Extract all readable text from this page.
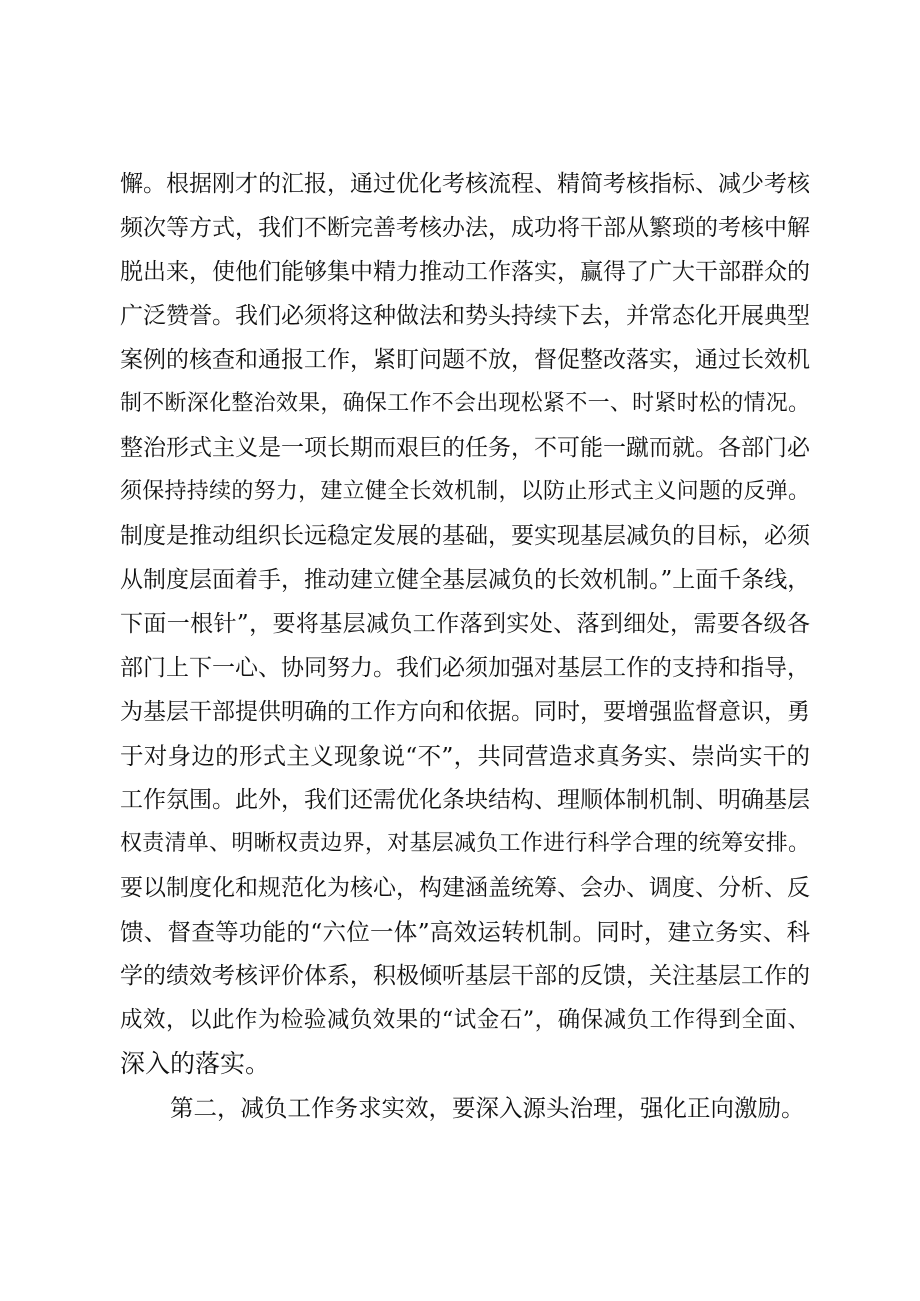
懈。根据刚才的汇报，通过优化考核流程、精简考核指标、减少考核
频次等方式，我们不断完善考核办法，成功将干部从繁琐的考核中解
脱出来，使他们能够集中精力推动工作落实，赢得了广大干部群众的
广泛赞誉。我们必须将这种做法和势头持续下去，并常态化开展典型
案例的核查和通报工作，紧盯问题不放，督促整改落实，通过长效机
制不断深化整治效果，确保工作不会出现松紧不一、时紧时松的情况。
整治形式主义是一项长期而艰巨的任务，不可能一蹴而就。各部门必
须保持持续的努力，建立健全长效机制，以防止形式主义问题的反弹。
制度是推动组织长远稳定发展的基础，要实现基层减负的目标，必须
从制度层面着手，推动建立健全基层减负的长效机制。”上面千条线，
下面一根针”，要将基层减负工作落到实处、落到细处，需要各级各
部门上下一心、协同努力。我们必须加强对基层工作的支持和指导，
为基层干部提供明确的工作方向和依据。同时，要增强监督意识，勇
于对身边的形式主义现象说“不”，共同营造求真务实、崇尚实干的
工作氛围。此外，我们还需优化条块结构、理顺体制机制、明确基层
权责清单、明晰权责边界，对基层减负工作进行科学合理的统筹安排。
要以制度化和规范化为核心，构建涵盖统筹、会办、调度、分析、反
馈、督查等功能的“六位一体”高效运转机制。同时，建立务实、科
学的绩效考核评价体系，积极倾听基层干部的反馈，关注基层工作的
成效，以此作为检验减负效果的“试金石”，确保减负工作得到全面、
深入的落实。
第二，减负工作务求实效，要深入源头治理，强化正向激励。
